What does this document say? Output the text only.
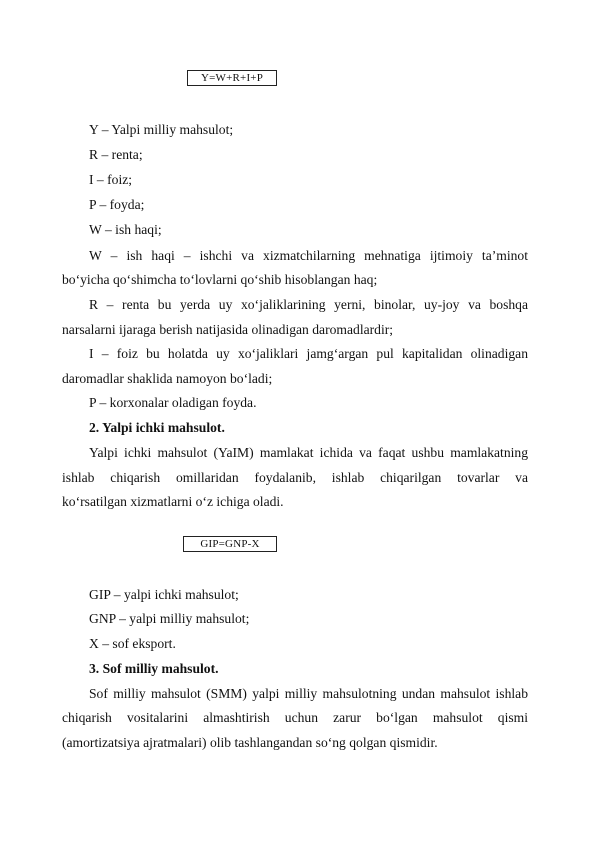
Y=W+R+I+P
Y – Yalpi milliy mahsulot;
R – renta;
I – foiz;
P – foyda;
W – ish haqi;
W – ish haqi – ishchi va xizmatchilarning mehnatiga ijtimoiy ta’minot
bo‘yicha qo‘shimcha to‘lovlarni qo‘shib hisoblangan haq;
R – renta bu yerda uy xo‘jaliklarining yerni, binolar, uy-joy va boshqa
narsalarni ijaraga berish natijasida olinadigan daromadlardir;
I – foiz bu holatda uy xo‘jaliklari jamg‘argan pul kapitalidan olinadigan
daromadlar shaklida namoyon bo‘ladi;
P – korxonalar oladigan foyda.
2. Yalpi ichki mahsulot.
Yalpi ichki mahsulot (YaIM) mamlakat ichida va faqat ushbu mamlakatning
ishlab chiqarish omillaridan foydalanib, ishlab chiqarilgan tovarlar va
ko‘rsatilgan xizmatlarni o‘z ichiga oladi.
GIP=GNP-X
GIP – yalpi ichki mahsulot;
GNP – yalpi milliy mahsulot;
X – sof eksport.
3. Sof milliy mahsulot.
Sof milliy mahsulot (SMM) yalpi milliy mahsulotning undan mahsulot ishlab
chiqarish vositalarini almashtirish uchun zarur bo‘lgan mahsulot qismi
(amortizatsiya ajratmalari) olib tashlangandan so‘ng qolgan qismidir.
